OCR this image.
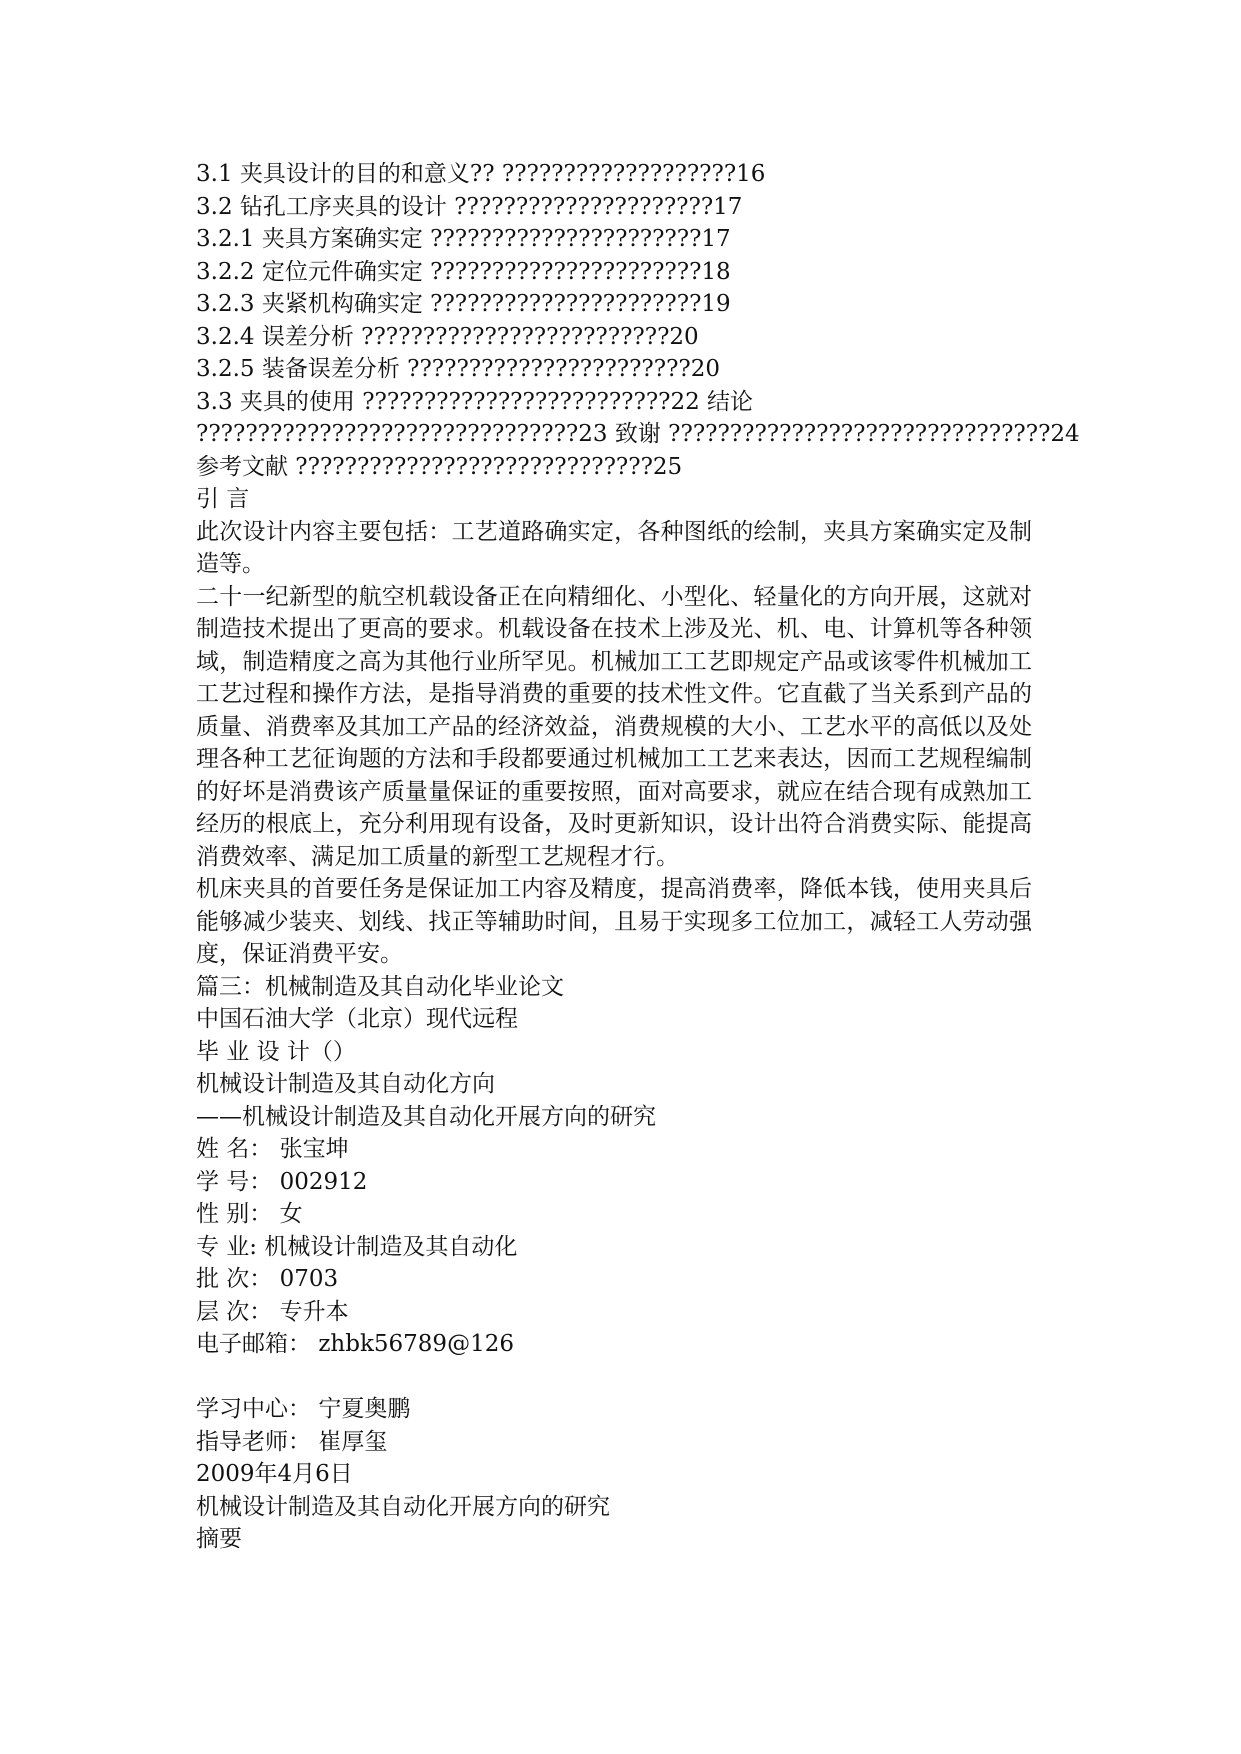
3.1 夹具设计的目的和意义?? ???????????????????16
3.2 钻孔工序夹具的设计 ?????????????????????17
3.2.1 夹具方案确实定 ??????????????????????17
3.2.2 定位元件确实定 ??????????????????????18
3.2.3 夹紧机构确实定 ??????????????????????19
3.2.4 误差分析 ?????????????????????????20
3.2.5 装备误差分析 ???????????????????????20
3.3 夹具的使用 ?????????????????????????22 结论
???????????????????????????????23 致谢 ???????????????????????????????24
参考文献 ?????????????????????????????25
引 言
此次设计内容主要包括：工艺道路确实定，各种图纸的绘制，夹具方案确实定及制造等。
二十一纪新型的航空机载设备正在向精细化、小型化、轻量化的方向开展，这就对制造技术提出了更高的要求。机载设备在技术上涉及光、机、电、计算机等各种领域，制造精度之高为其他行业所罕见。机械加工工艺即规定产品或该零件机械加工工艺过程和操作方法，是指导消费的重要的技术性文件。它直截了当关系到产品的质量、消费率及其加工产品的经济效益，消费规模的大小、工艺水平的高低以及处理各种工艺征询题的方法和手段都要通过机械加工工艺来表达，因而工艺规程编制的好坏是消费该产质量量保证的重要按照，面对高要求，就应在结合现有成熟加工经历的根底上，充分利用现有设备，及时更新知识，设计出符合消费实际、能提高消费效率、满足加工质量的新型工艺规程才行。
机床夹具的首要任务是保证加工内容及精度，提高消费率，降低本钱，使用夹具后能够减少装夹、划线、找正等辅助时间，且易于实现多工位加工，减轻工人劳动强度，保证消费平安。
篇三：机械制造及其自动化毕业论文
中国石油大学（北京）现代远程
毕 业 设 计（）
机械设计制造及其自动化方向
——机械设计制造及其自动化开展方向的研究
姓 名： 张宝坤
学 号： 002912
性 别： 女
专 业: 机械设计制造及其自动化
批 次： 0703
层 次： 专升本
电子邮箱： zhbk56789@126
学习中心： 宁夏奥鹏
指导老师： 崔厚玺
2009年4月6日
机械设计制造及其自动化开展方向的研究
摘要
